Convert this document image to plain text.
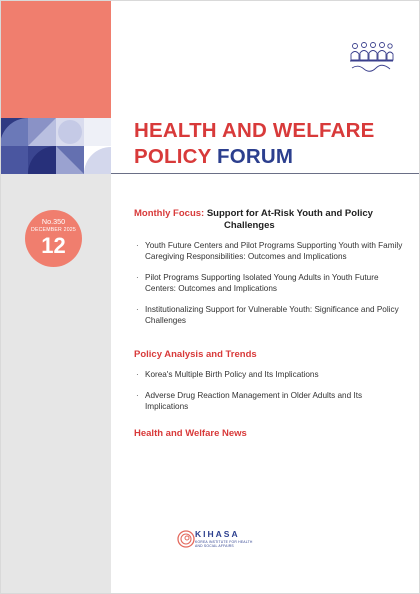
HEALTH AND WELFARE
POLICY FORUM
No.350
DECEMBER 2025
12
Monthly Focus: Support for At-Risk Youth and Policy
Challenges
· Youth Future Centers and Pilot Programs Supporting Youth with Family Caregiving Responsibilities: Outcomes and Implications
· Pilot Programs Supporting Isolated Young Adults in Youth Future Centers: Outcomes and Implications
· Institutionalizing Support for Vulnerable Youth: Significance and Policy Challenges
Policy Analysis and Trends
· Korea's Multiple Birth Policy and Its Implications
· Adverse Drug Reaction Management in Older Adults and Its Implications
Health and Welfare News
KIHASA
KOREA INSTITUTE FOR HEALTH AND SOCIAL AFFAIRS
